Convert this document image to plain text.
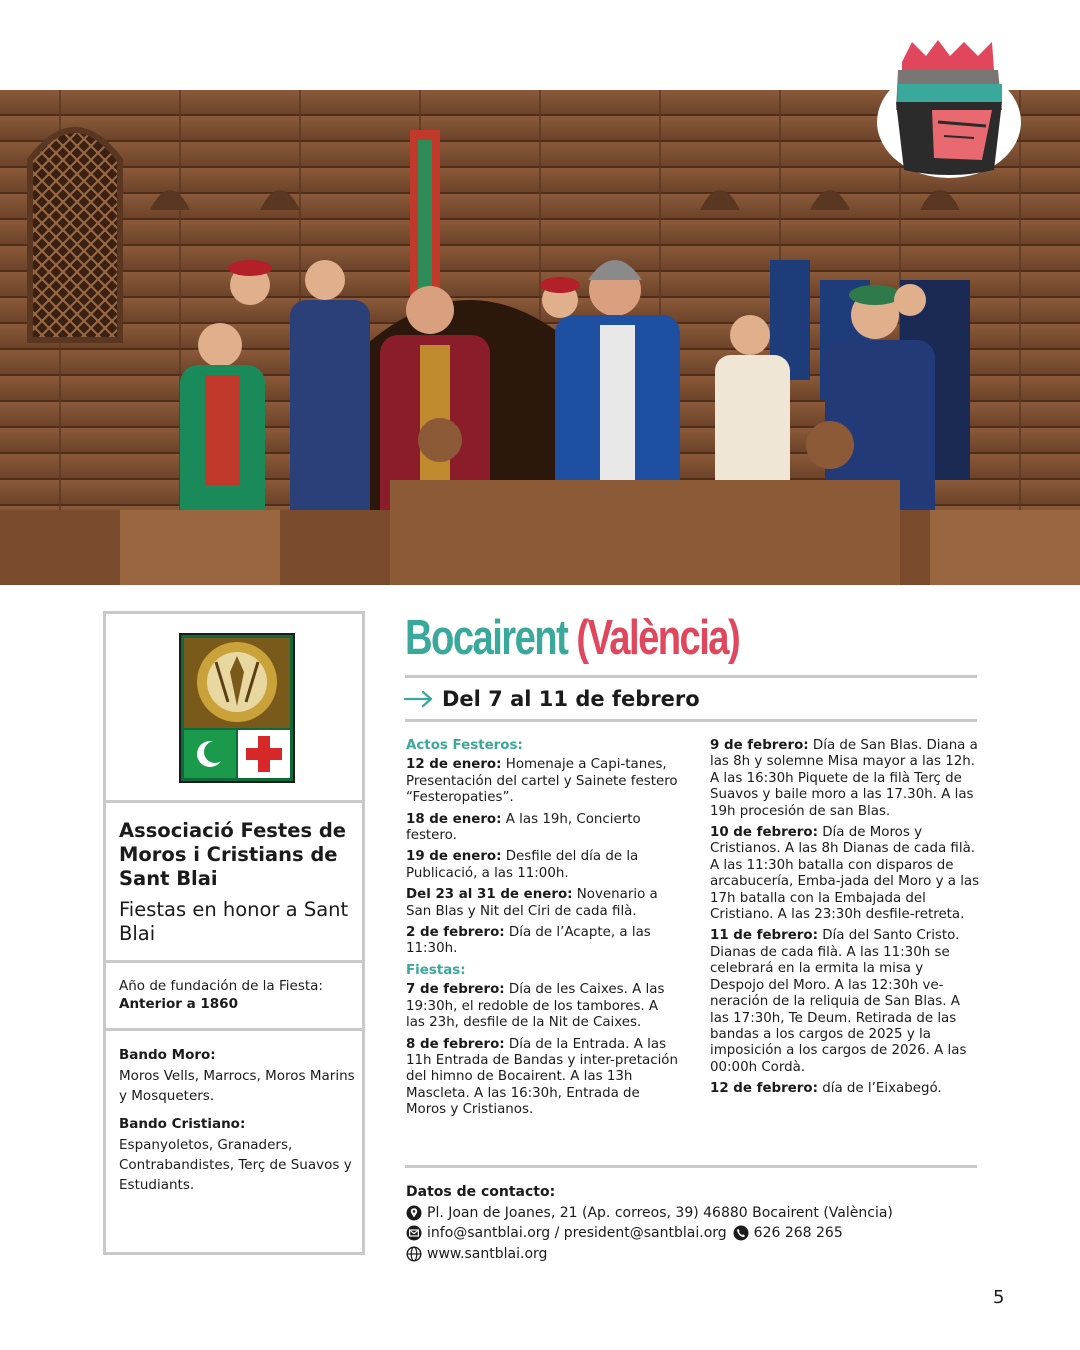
Associació Festes de Moros i Cristians de Sant Blai
Fiestas en honor a Sant Blai
Año de fundación de la Fiesta: Anterior a 1860

Bando Moro:

Moros Vells, Marrocs, Moros Marins y Mosqueters.

Bando Cristiano:

Espanyoletos, Granaders, Contrabandistes, Terç de Suavos y Estudiants.

Bocairent (València)
Del 7 al 11 de febrero

Actos Festeros:

12 de enero: Homenaje a Capi-tanes, Presentación del cartel y Sainete festero “Festeropaties”.

18 de enero: A las 19h, Concierto festero.

19 de enero: Desfile del día de la Publicació, a las 11:00h.

Del 23 al 31 de enero: Novenario a San Blas y Nit del Ciri de cada filà.

2 de febrero: Día de l’Acapte, a las 11:30h.

Fiestas:

7 de febrero: Día de les Caixes. A las 19:30h, el redoble de los tambores. A las 23h, desfile de la Nit de Caixes.

8 de febrero: Día de la Entrada. A las 11h Entrada de Bandas y inter-pretación del himno de Bocairent. A las 13h Mascleta. A las 16:30h, Entrada de Moros y Cristianos.

9 de febrero: Día de San Blas. Diana a las 8h y solemne Misa mayor a las 12h. A las 16:30h Piquete de la filà Terç de Suavos y baile moro a las 17.30h. A las 19h procesión de san Blas.

10 de febrero: Día de Moros y Cristianos. A las 8h Dianas de cada filà. A las 11:30h batalla con disparos de arcabucería, Emba-jada del Moro y a las 17h batalla con la Embajada del Cristiano. A las 23:30h desfile-retreta.

11 de febrero: Día del Santo Cristo. Dianas de cada filà. A las 11:30h se celebrará en la ermita la misa y Despojo del Moro. A las 12:30h ve-neración de la reliquia de San Blas. A las 17:30h, Te Deum. Retirada de las bandas a los cargos de 2025 y la imposición a los cargos de 2026. A las 00:00h Cordà.

12 de febrero: día de l’Eixabegó.

Datos de contacto:
Pl. Joan de Joanes, 21 (Ap. correos, 39) 46880 Bocairent (València)
info@santblai.org / president@santblai.org 626 268 265
www.santblai.org
5
